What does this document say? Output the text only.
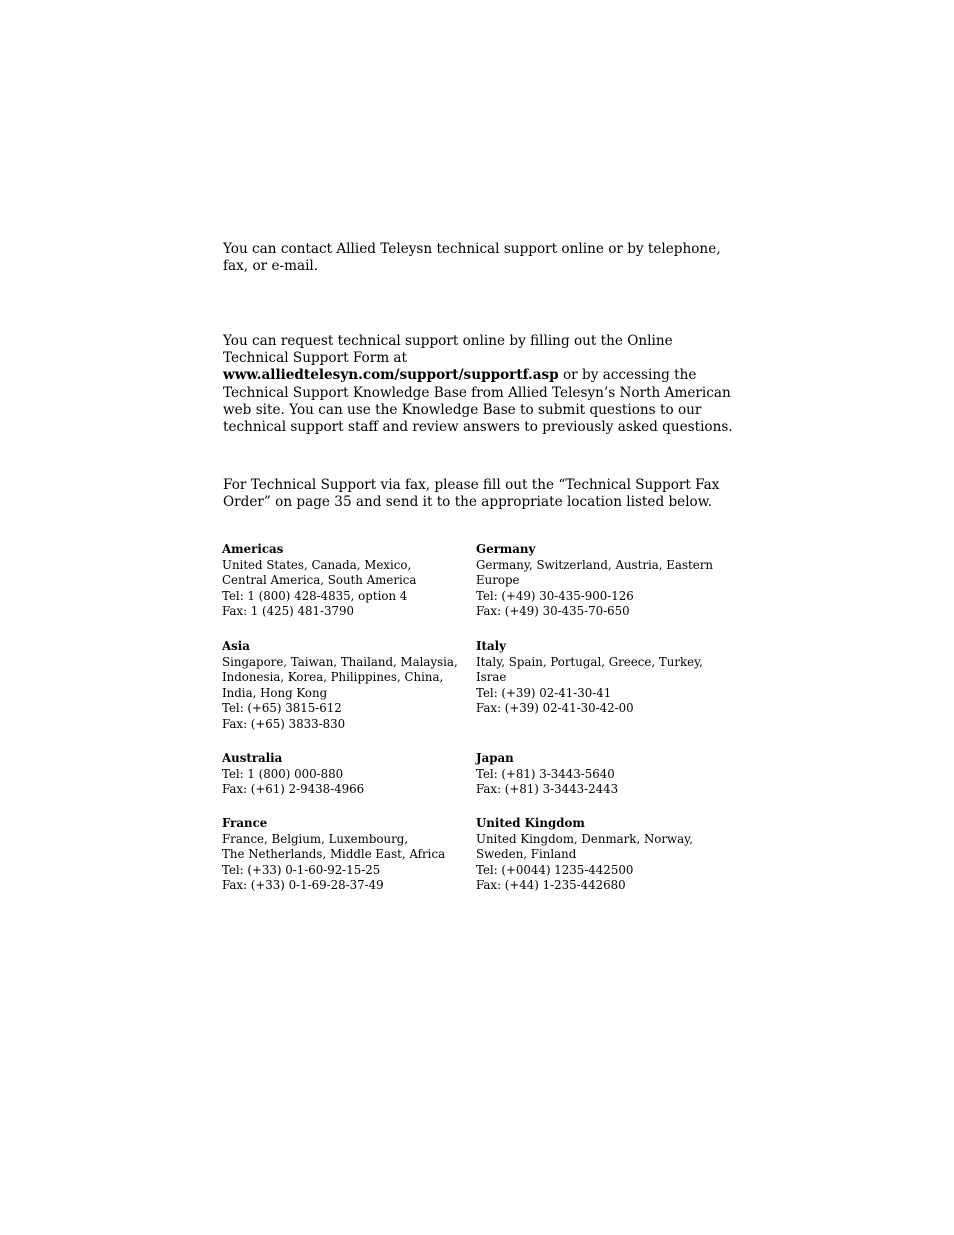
You can contact Allied Teleysn technical support online or by telephone, fax, or e-mail.

You can request technical support online by filling out the Online Technical Support Form at www.alliedtelesyn.com/support/supportf.asp or by accessing the Technical Support Knowledge Base from Allied Telesyn’s North American web site. You can use the Knowledge Base to submit questions to our technical support staff and review answers to previously asked questions.

For Technical Support via fax, please fill out the “Technical Support Fax Order” on page 35 and send it to the appropriate location listed below.

Americas
United States, Canada, Mexico,
Central America, South America
Tel: 1 (800) 428-4835, option 4
Fax: 1 (425) 481-3790
Germany
Germany, Switzerland, Austria, Eastern
Europe
Tel: (+49) 30-435-900-126
Fax: (+49) 30-435-70-650
Asia
Singapore, Taiwan, Thailand, Malaysia,
Indonesia, Korea, Philippines, China,
India, Hong Kong
Tel: (+65) 3815-612
Fax: (+65) 3833-830
Italy
Italy, Spain, Portugal, Greece, Turkey,
Israe
Tel: (+39) 02-41-30-41
Fax: (+39) 02-41-30-42-00
Australia
Tel: 1 (800) 000-880
Fax: (+61) 2-9438-4966
Japan
Tel: (+81) 3-3443-5640
Fax: (+81) 3-3443-2443
France
France, Belgium, Luxembourg,
The Netherlands, Middle East, Africa
Tel: (+33) 0-1-60-92-15-25
Fax: (+33) 0-1-69-28-37-49
United Kingdom
United Kingdom, Denmark, Norway,
Sweden, Finland
Tel: (+0044) 1235-442500
Fax: (+44) 1-235-442680
